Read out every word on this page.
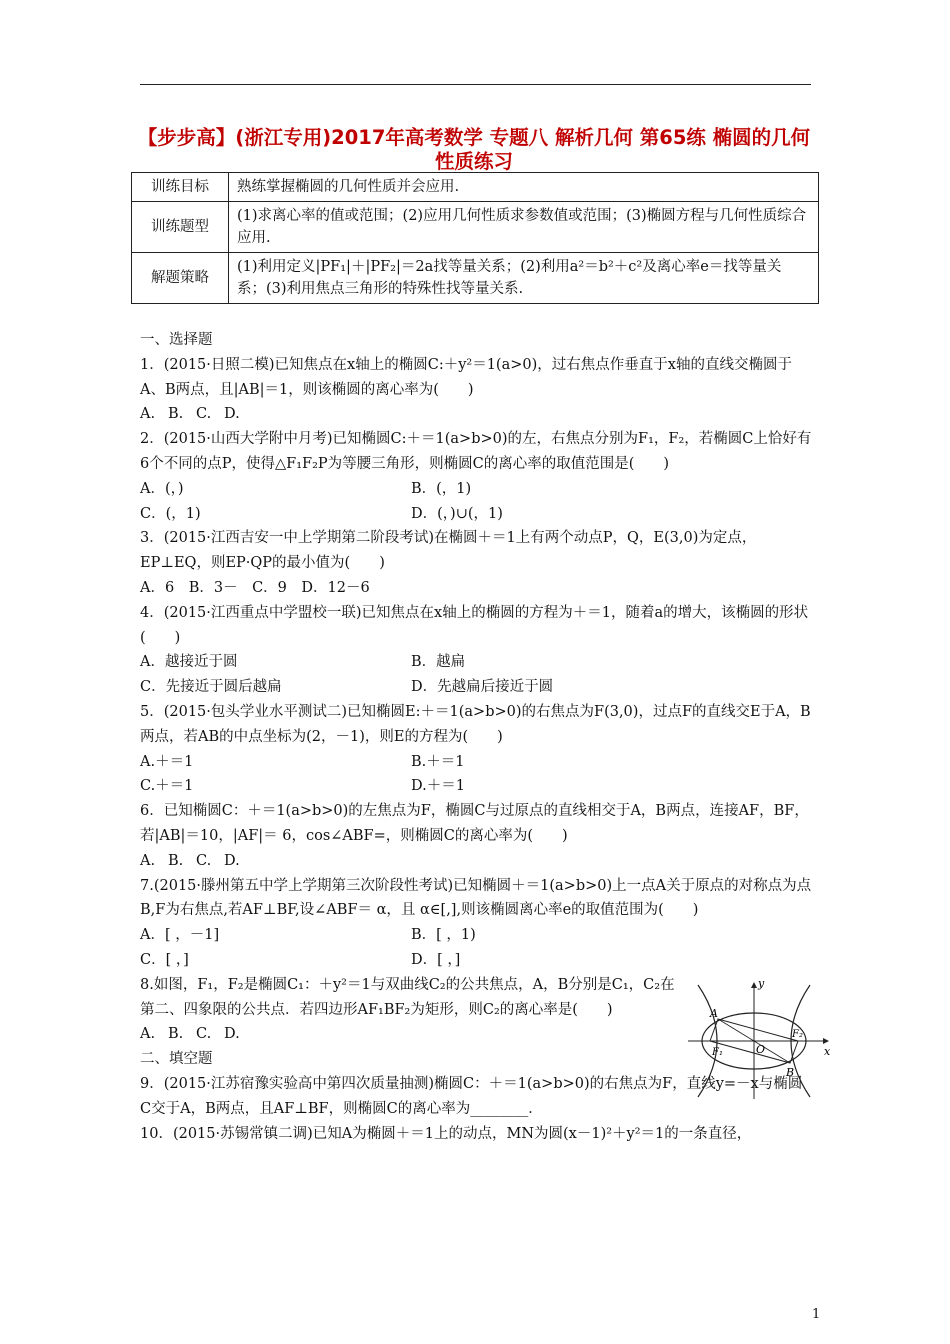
【步步高】(浙江专用)2017年高考数学 专题八 解析几何 第65练 椭圆的几何性质练习
训练目标	熟练掌握椭圆的几何性质并会应用.
训练题型	(1)求离心率的值或范围；(2)应用几何性质求参数值或范围；(3)椭圆方程与几何性质综合应用.
解题策略	(1)利用定义|PF₁|＋|PF₂|＝2a找等量关系；(2)利用a²＝b²＋c²及离心率e＝找等量关系；(3)利用焦点三角形的特殊性找等量关系.

一、选择题

1．(2015·日照二模)已知焦点在x轴上的椭圆C:＋y²＝1(a>0)，过右焦点作垂直于x轴的直线交椭圆于A、B两点，且|AB|＝1，则该椭圆的离心率为(　　)

A. B. C. D.

2．(2015·山西大学附中月考)已知椭圆C:＋＝1(a>b>0)的左，右焦点分别为F₁，F₂，若椭圆C上恰好有6个不同的点P，使得△F₁F₂P为等腰三角形，则椭圆C的离心率的取值范围是(　　)

A．(，)	B．(，1)
C．(，1)	D．(，)∪(，1)

3．(2015·江西吉安一中上学期第二阶段考试)在椭圆＋＝1上有两个动点P，Q，E(3,0)为定点，EP⊥EQ，则EP·QP的最小值为(　　)

A．6　B．3－　C．9　D．12－6

4．(2015·江西重点中学盟校一联)已知焦点在x轴上的椭圆的方程为＋＝1，随着a的增大，该椭圆的形状(　　)

A．越接近于圆	B．越扁
C．先接近于圆后越扁	D．先越扁后接近于圆

5．(2015·包头学业水平测试二)已知椭圆E:＋＝1(a>b>0)的右焦点为F(3,0)，过点F的直线交E于A，B两点，若AB的中点坐标为(2，－1)，则E的方程为(　　)

A.＋＝1	B.＋＝1
C.＋＝1	D.＋＝1

6．已知椭圆C：＋＝1(a>b>0)的左焦点为F，椭圆C与过原点的直线相交于A，B两点，连接AF，BF，若|AB|＝10，|AF|＝ 6，cos∠ABF=，则椭圆C的离心率为(　　)

A. B. C. D.

7.(2015·滕州第五中学上学期第三次阶段性考试)已知椭圆＋＝1(a>b>0)上一点A关于原点的对称点为点B,F为右焦点,若AF⊥BF,设∠ABF＝ α，且 α∈[,],则该椭圆离心率e的取值范围为(　　)

A．[ ，－1]	B．[ ，1)
C．[ ，]	D．[ ，]

8.如图，F₁，F₂是椭圆C₁：＋y²＝1与双曲线C₂的公共焦点，A，B分别是C₁，C₂在第二、四象限的公共点．若四边形AF₁BF₂为矩形，则C₂的离心率是(　　)

A. B. C. D.

y
x
A
B
O
F₁
F₂

二、填空题

9．(2015·江苏宿豫实验高中第四次质量抽测)椭圆C：＋＝1(a>b>0)的右焦点为F，直线y=－x与椭圆C交于A，B两点，且AF⊥BF，则椭圆C的离心率为________．

10．(2015·苏锡常镇二调)已知A为椭圆＋＝1上的动点，MN为圆(x－1)²＋y²＝1的一条直径，

1
